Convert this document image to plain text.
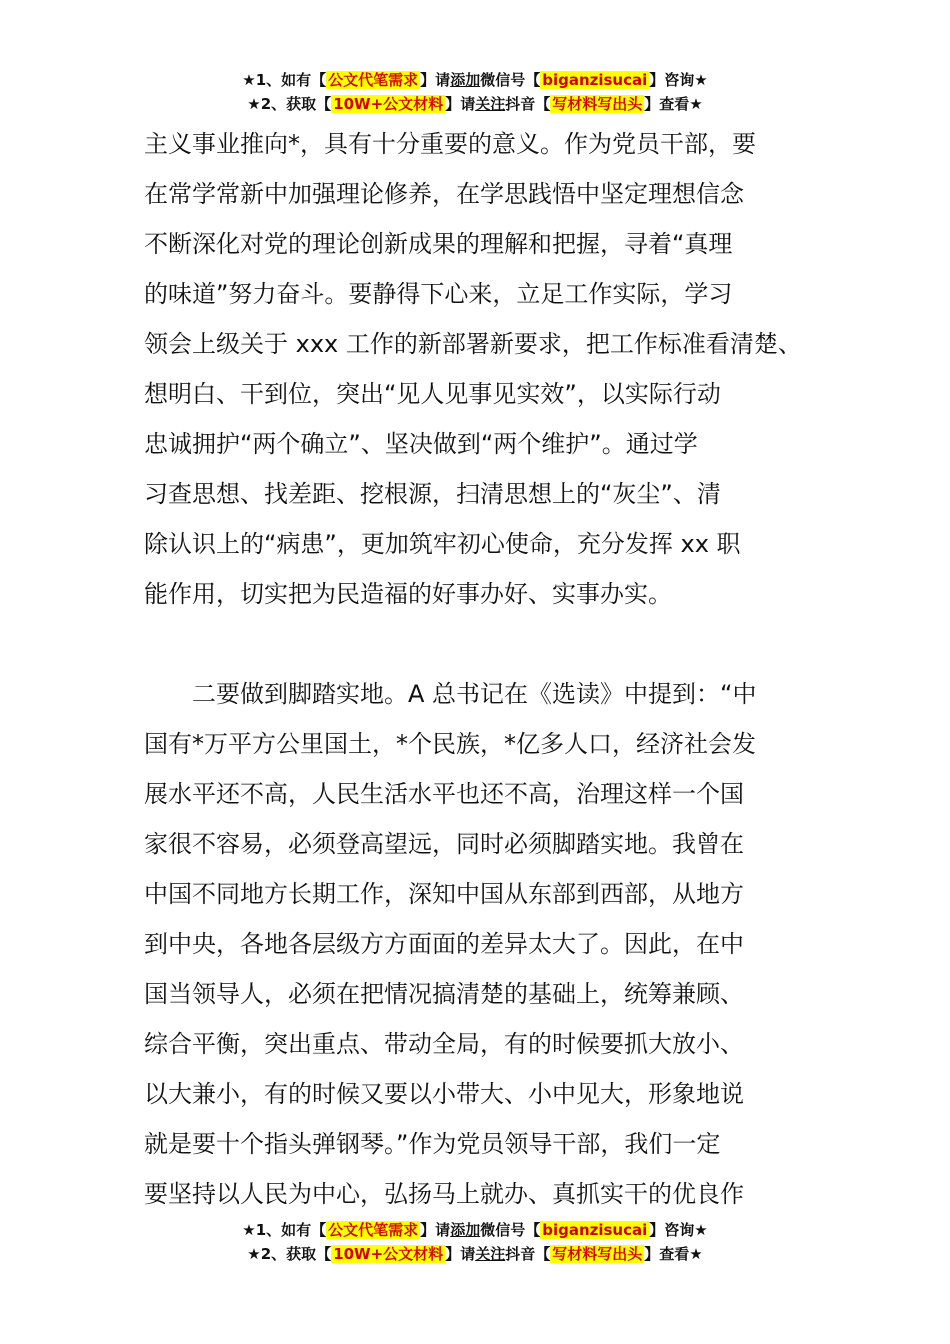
★1、如有【 公文代笔需求 】请添加微信号【 biganzisucai 】咨询★
★2、获取【 10W+公文材料 】请关注抖音【 写材料写出头 】查看★
主义事业推向*，具有十分重要的意义。作为党员干部，要
在常学常新中加强理论修养，在学思践悟中坚定理想信念
不断深化对党的理论创新成果的理解和把握，寻着“真理
的味道”努力奋斗。要静得下心来，立足工作实际，学习
领会上级关于 xxx 工作的新部署新要求，把工作标准看清楚、
想明白、干到位，突出“见人见事见实效”，以实际行动
忠诚拥护“两个确立”、坚决做到“两个维护”。通过学
习查思想、找差距、挖根源，扫清思想上的“灰尘”、清
除认识上的“病患”，更加筑牢初心使命，充分发挥 xx 职
能作用，切实把为民造福的好事办好、实事办实。
　　二要做到脚踏实地。A 总书记在《选读》中提到：“中
国有*万平方公里国土，*个民族，*亿多人口，经济社会发
展水平还不高，人民生活水平也还不高，治理这样一个国
家很不容易，必须登高望远，同时必须脚踏实地。我曾在
中国不同地方长期工作，深知中国从东部到西部，从地方
到中央，各地各层级方方面面的差异太大了。因此，在中
国当领导人，必须在把情况搞清楚的基础上，统筹兼顾、
综合平衡，突出重点、带动全局，有的时候要抓大放小、
以大兼小，有的时候又要以小带大、小中见大，形象地说
就是要十个指头弹钢琴。”作为党员领导干部，我们一定
要坚持以人民为中心，弘扬马上就办、真抓实干的优良作
★1、如有【 公文代笔需求 】请添加微信号【 biganzisucai 】咨询★
★2、获取【 10W+公文材料 】请关注抖音【 写材料写出头 】查看★
